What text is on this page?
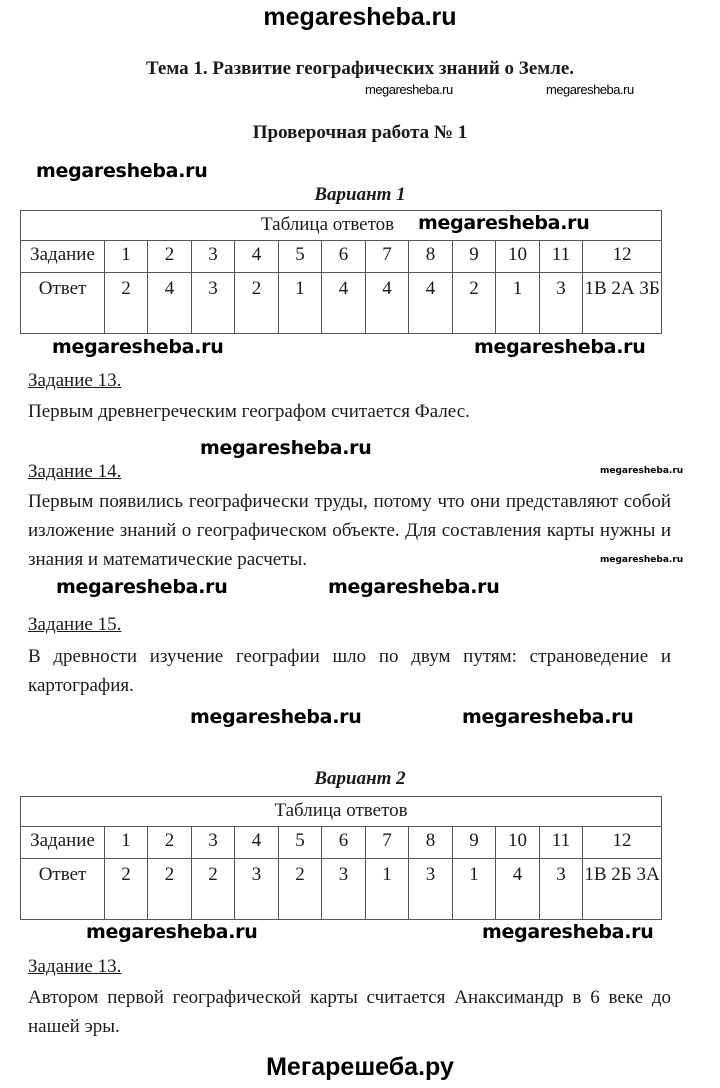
megaresheba.ru
Тема 1. Развитие географических знаний о Земле.
megaresheba.ru	megaresheba.ru
Проверочная работа № 1
megaresheba.ru
Вариант 1
Таблица ответов												
Задание	1	2	3	4	5	6	7	8	9	10	11	12
Ответ	2	4	3	2	1	4	4	4	2	1	3	1В 2А 3Б
megaresheba.ru
megaresheba.ru
megaresheba.ru
Задание 13.
Первым древнегреческим географом считается Фалес.
megaresheba.ru
Задание 14.	megaresheba.ru
Первым появились географически труды, потому что они представляют собой изложение знаний о географическом объекте. Для составления карты нужны и знания и математические расчеты.	megaresheba.ru
megaresheba.ru	megaresheba.ru
Задание 15.
В древности изучение географии шло по двум путям: страноведение и картография.
megaresheba.ru	megaresheba.ru
Вариант 2
Таблица ответов												
Задание	1	2	3	4	5	6	7	8	9	10	11	12
Ответ	2	2	2	3	2	3	1	3	1	4	3	1В 2Б 3А
megaresheba.ru	megaresheba.ru
Задание 13.
Автором первой географической карты считается Анаксимандр в 6 веке до нашей эры.
Мегарешеба.ру
